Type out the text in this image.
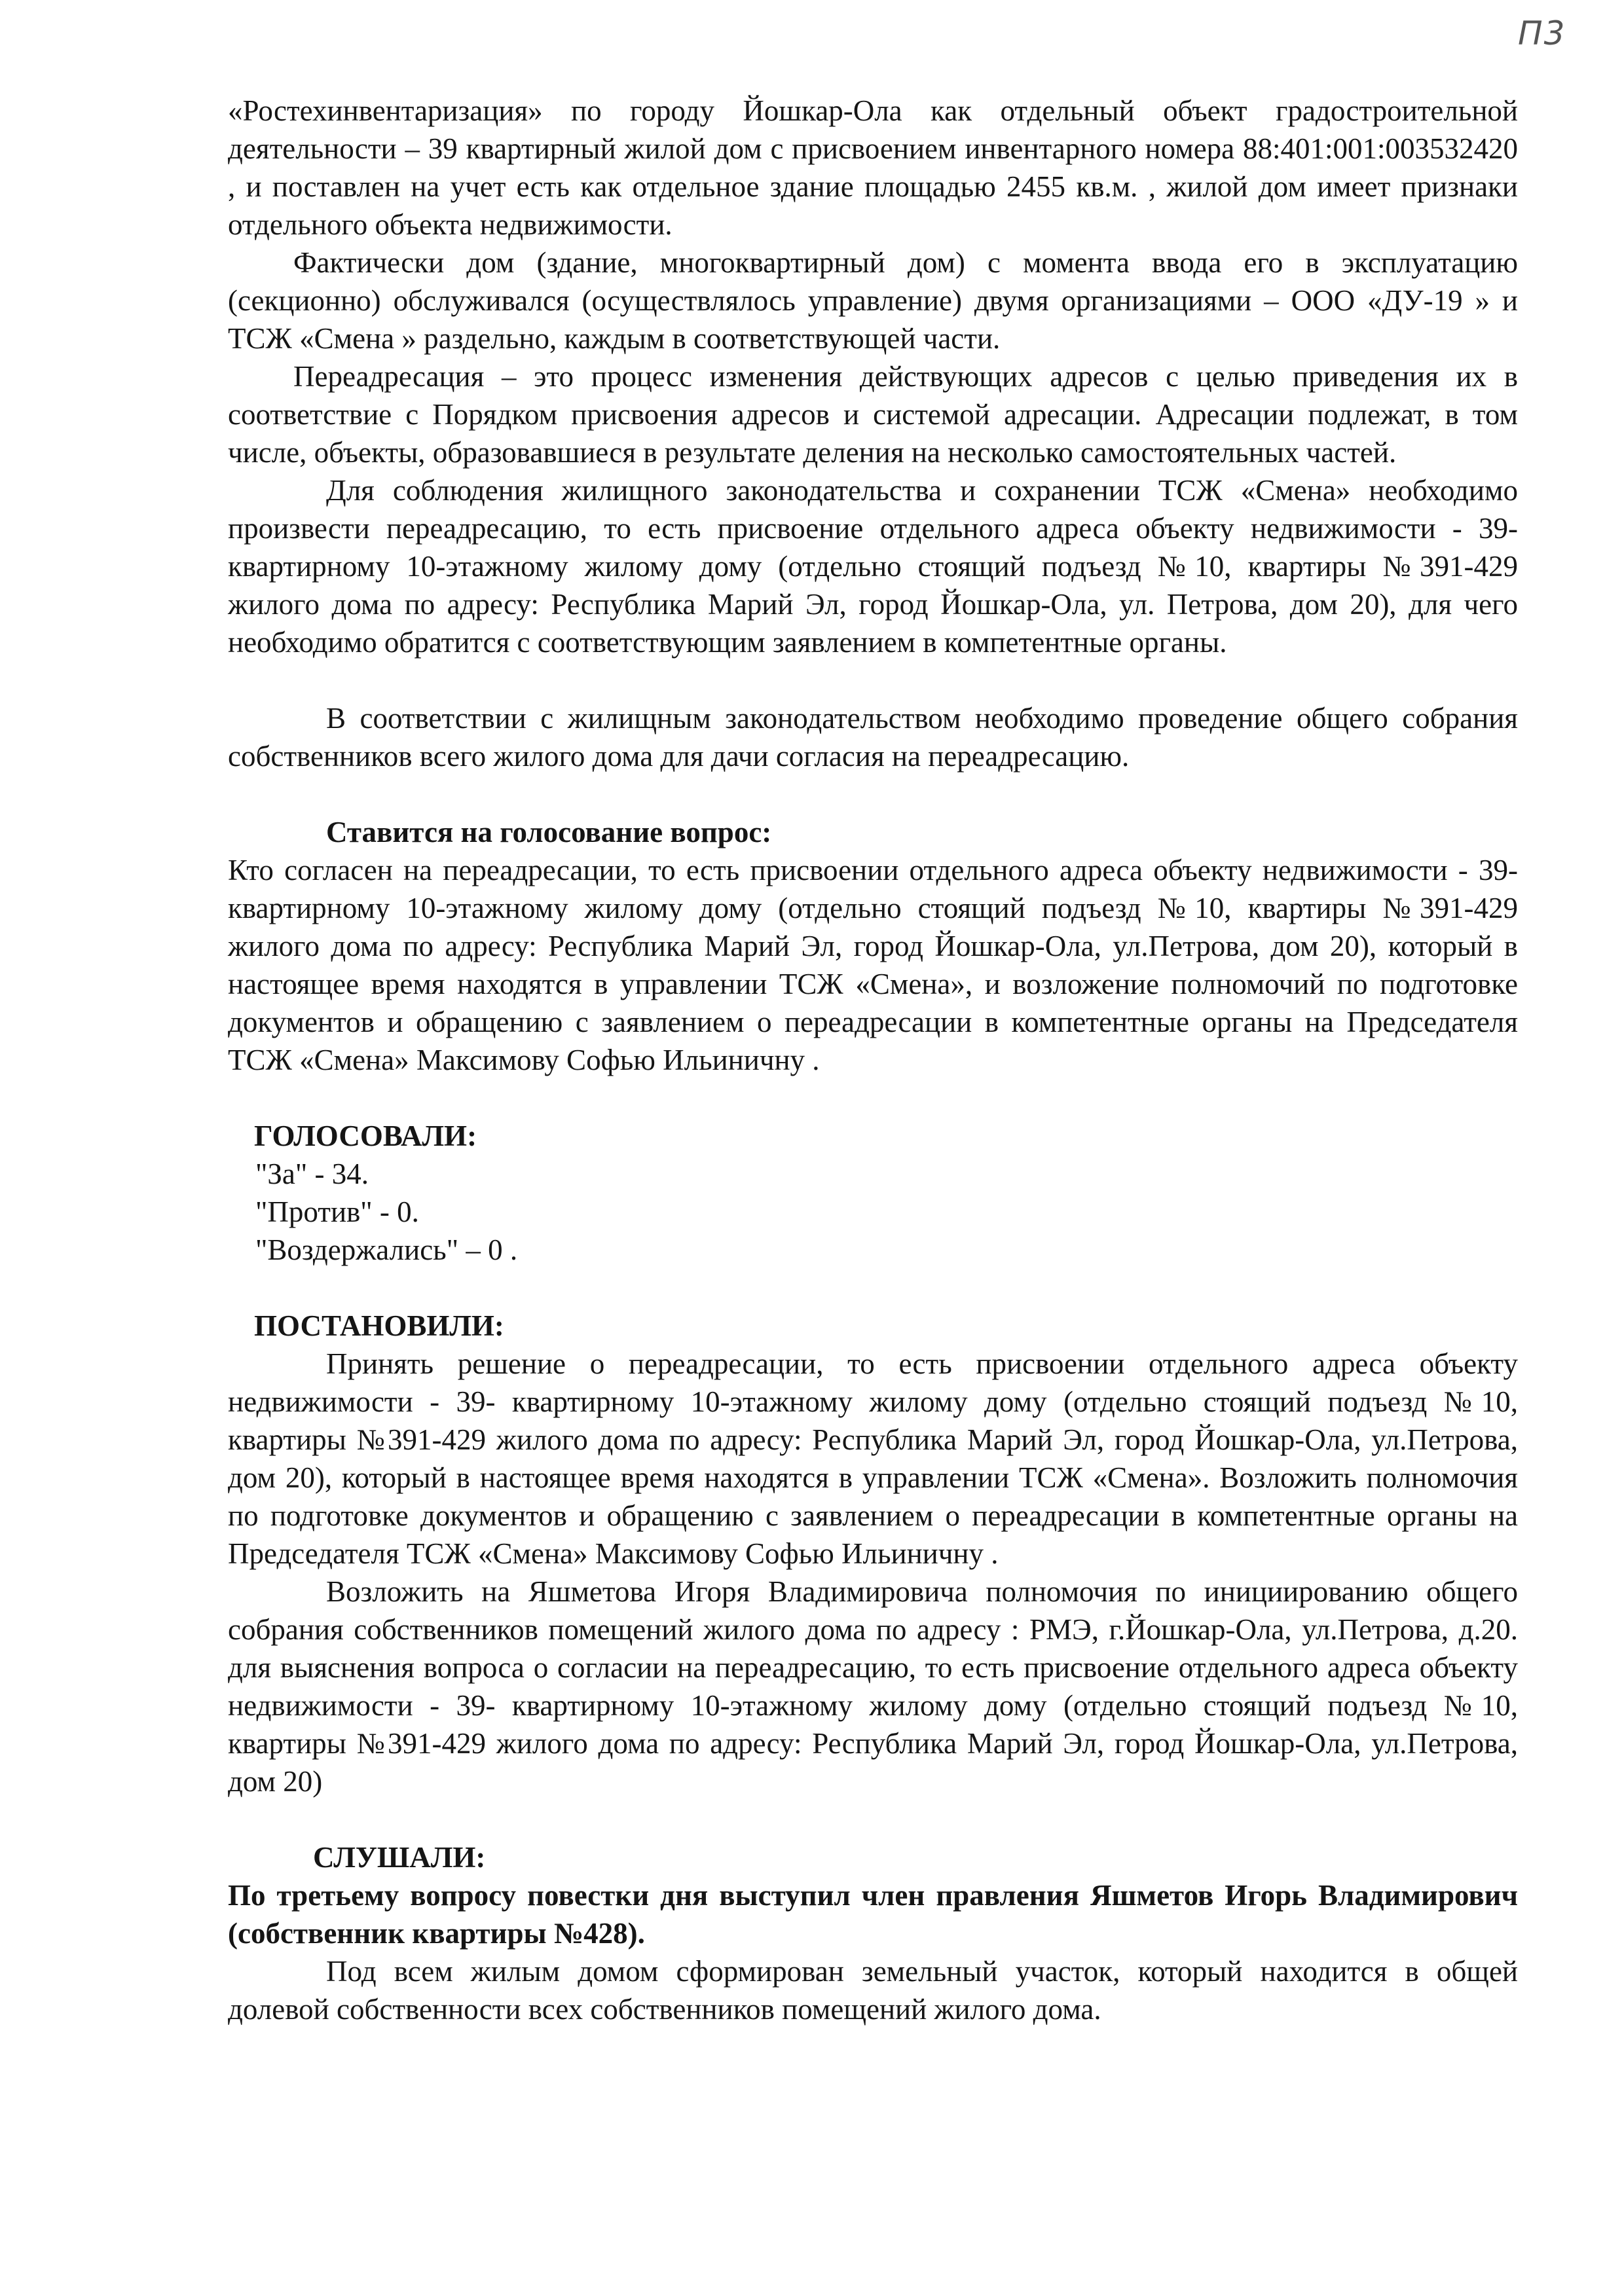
П3

«Ростехинвентаризация» по городу Йошкар-Ола как отдельный объект градостроительной деятельности – 39 квартирный жилой дом с присвоением инвентарного номера 88:401:001:003532420 , и поставлен на учет есть как отдельное здание площадью 2455 кв.м. , жилой дом имеет признаки отдельного объекта недвижимости.

Фактически дом (здание, многоквартирный дом) с момента ввода его в эксплуатацию (секционно) обслуживался (осуществлялось управление) двумя организациями – ООО «ДУ-19 » и ТСЖ «Смена » раздельно, каждым в соответствующей части.

Переадресация – это процесс изменения действующих адресов с целью приведения их в соответствие с Порядком присвоения адресов и системой адресации. Адресации подлежат, в том числе, объекты, образовавшиеся в результате деления на несколько самостоятельных частей.

Для соблюдения жилищного законодательства и сохранении ТСЖ «Смена» необходимо произвести переадресацию, то есть присвоение отдельного адреса объекту недвижимости - 39- квартирному 10-этажному жилому дому (отдельно стоящий подъезд №10, квартиры №391-429 жилого дома по адресу: Республика Марий Эл, город Йошкар-Ола, ул. Петрова, дом 20), для чего необходимо обратится с соответствующим заявлением в компетентные органы.

В соответствии с жилищным законодательством необходимо проведение общего собрания собственников всего жилого дома для дачи согласия на переадресацию.

Ставится на голосование вопрос:

Кто согласен на переадресации, то есть присвоении отдельного адреса объекту недвижимости - 39- квартирному 10-этажному жилому дому (отдельно стоящий подъезд №10, квартиры №391-429 жилого дома по адресу: Республика Марий Эл, город Йошкар-Ола, ул.Петрова, дом 20), который в настоящее время находятся в управлении ТСЖ «Смена», и возложение полномочий по подготовке документов и обращению с заявлением о переадресации в компетентные органы на Председателя ТСЖ «Смена» Максимову Софью Ильиничну .

ГОЛОСОВАЛИ:

"За" - 34.
"Против" - 0.
"Воздержались" – 0 .

ПОСТАНОВИЛИ:

Принять решение о переадресации, то есть присвоении отдельного адреса объекту недвижимости - 39- квартирному 10-этажному жилому дому (отдельно стоящий подъезд №10, квартиры №391-429 жилого дома по адресу: Республика Марий Эл, город Йошкар-Ола, ул.Петрова, дом 20), который в настоящее время находятся в управлении ТСЖ «Смена». Возложить полномочия по подготовке документов и обращению с заявлением о переадресации в компетентные органы на Председателя ТСЖ «Смена» Максимову Софью Ильиничну .

Возложить на Яшметова Игоря Владимировича полномочия по инициированию общего собрания собственников помещений жилого дома по адресу : РМЭ, г.Йошкар-Ола, ул.Петрова, д.20. для выяснения вопроса о согласии на переадресацию, то есть присвоение отдельного адреса объекту недвижимости - 39- квартирному 10-этажному жилому дому (отдельно стоящий подъезд №10, квартиры №391-429 жилого дома по адресу: Республика Марий Эл, город Йошкар-Ола, ул.Петрова, дом 20)

СЛУШАЛИ:

По третьему вопросу повестки дня выступил член правления Яшметов Игорь Владимирович (собственник квартиры №428).

Под всем жилым домом сформирован земельный участок, который находится в общей долевой собственности всех собственников помещений жилого дома.
